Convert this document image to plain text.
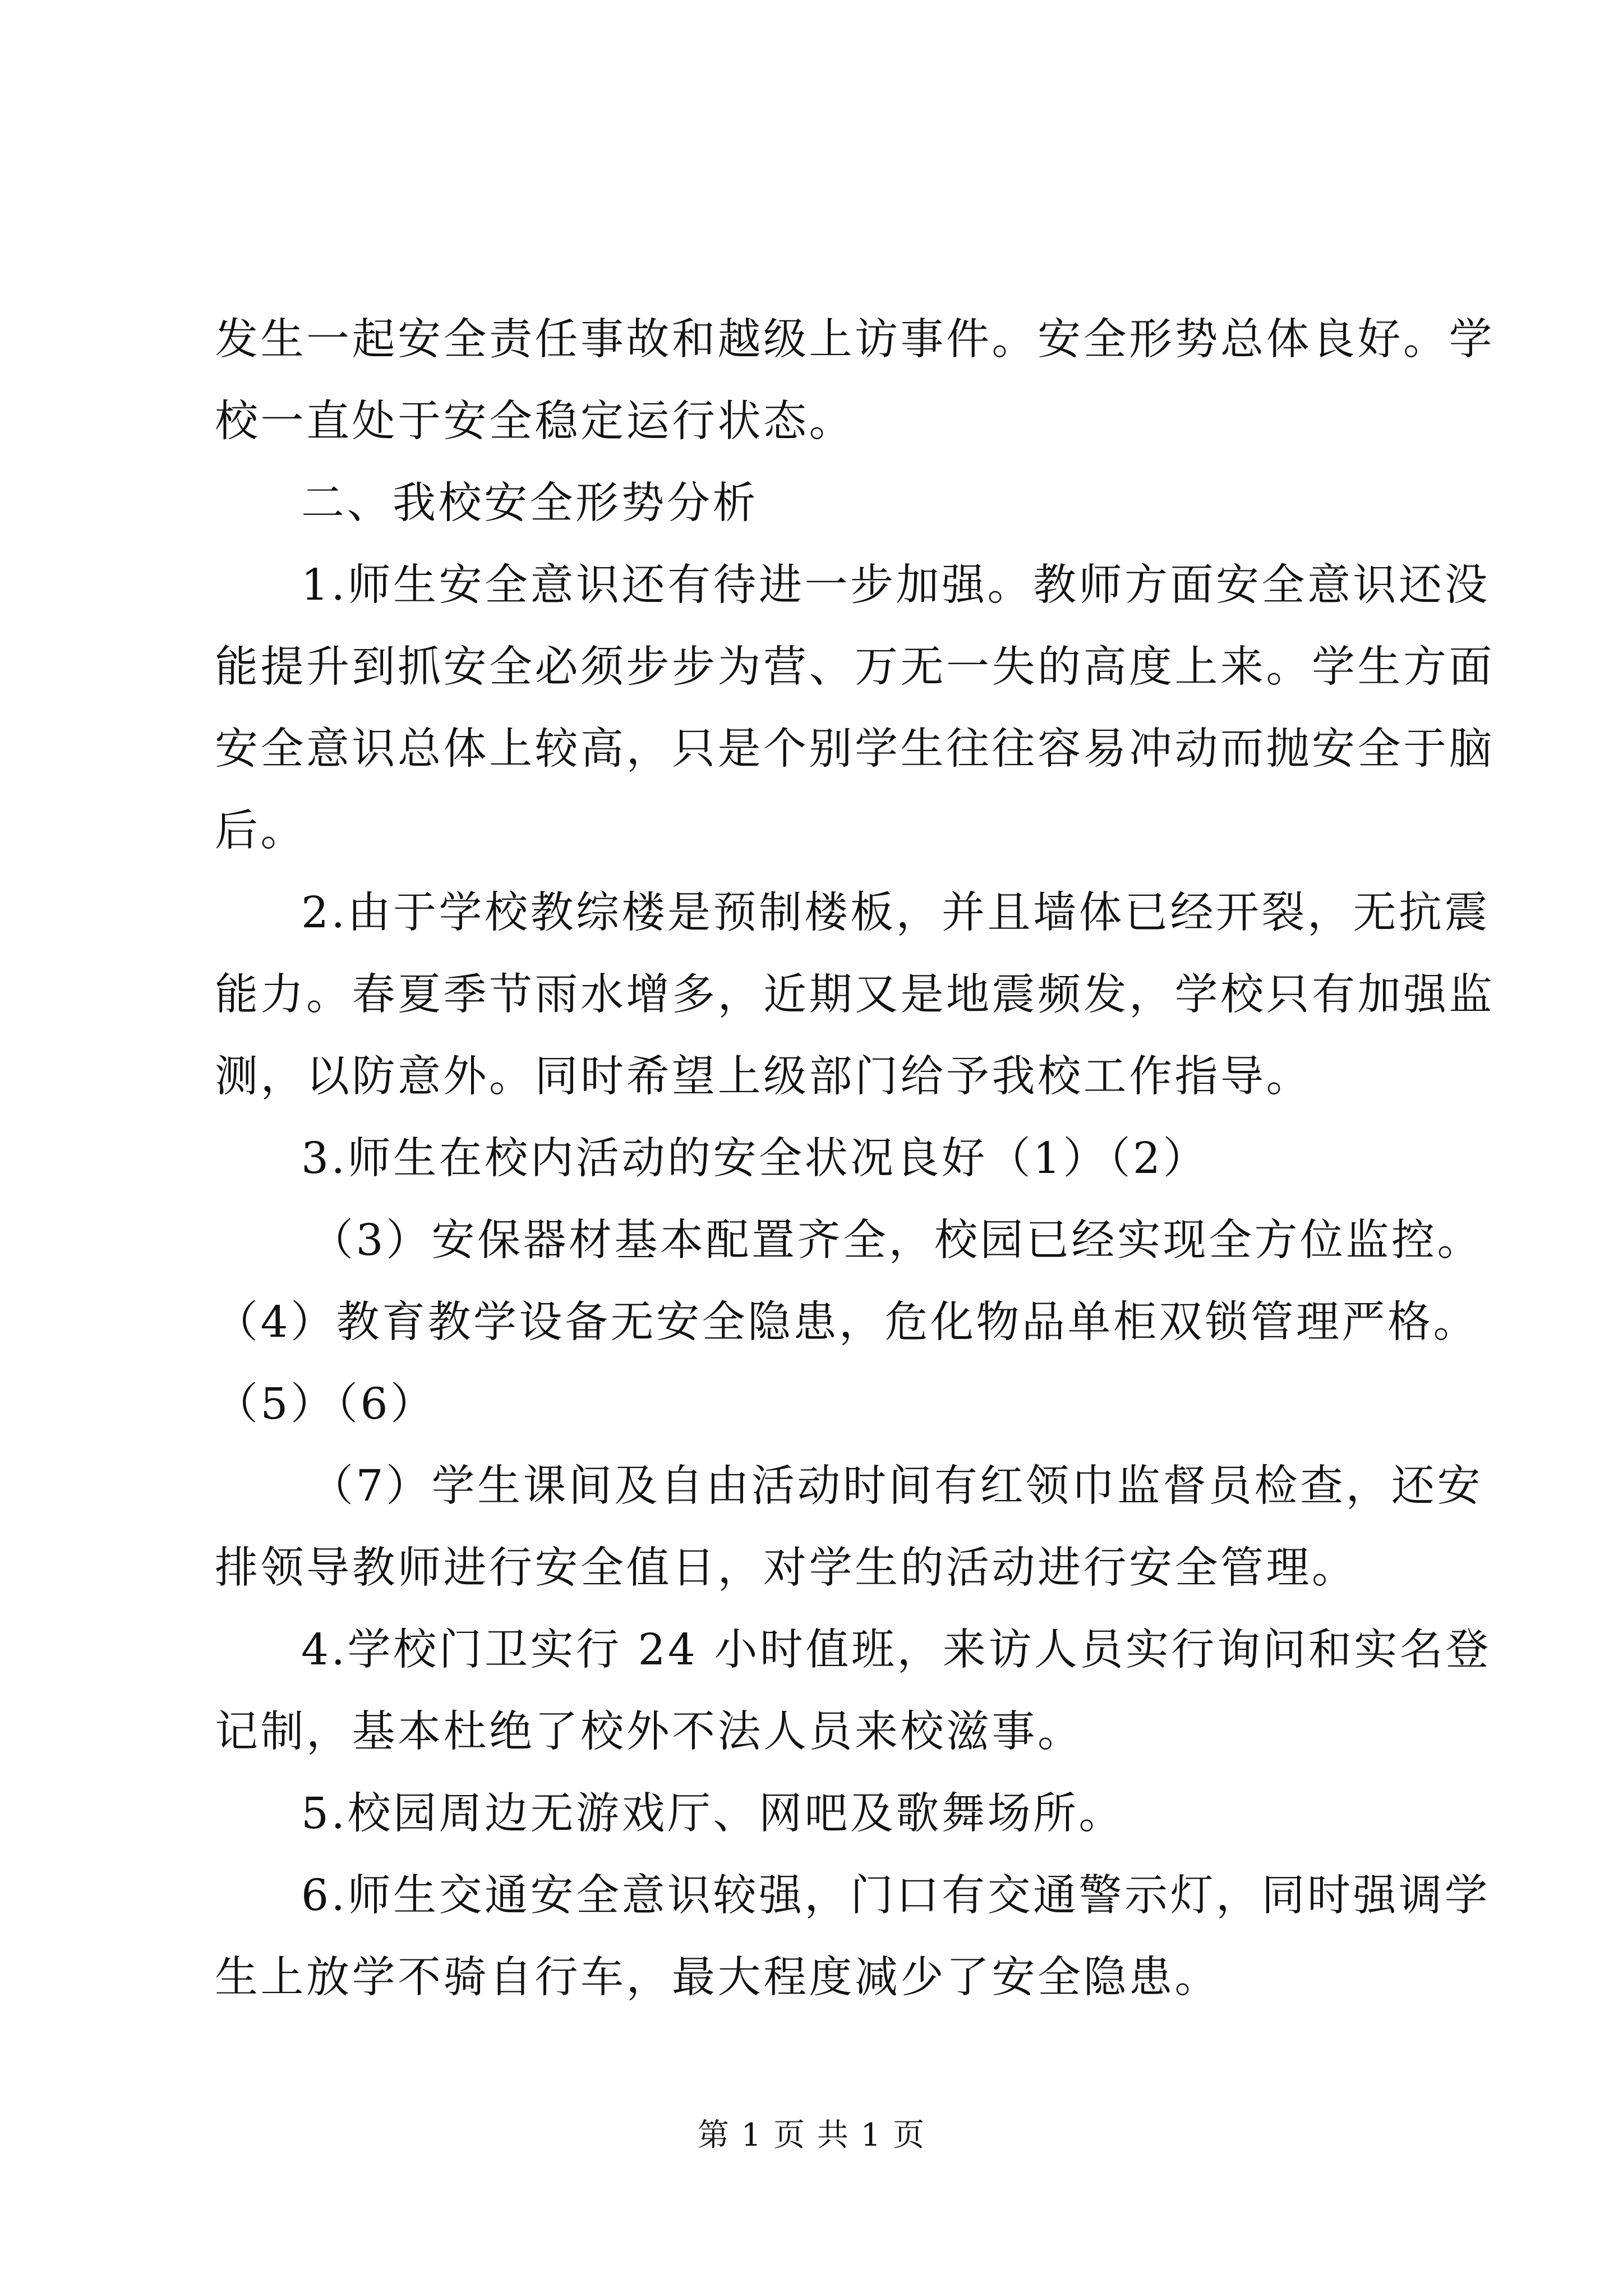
发生一起安全责任事故和越级上访事件。安全形势总体良好。学
校一直处于安全稳定运行状态。
二、我校安全形势分析
1.师生安全意识还有待进一步加强。教师方面安全意识还没
能提升到抓安全必须步步为营、万无一失的高度上来。学生方面
安全意识总体上较高，只是个别学生往往容易冲动而抛安全于脑
后。
2.由于学校教综楼是预制楼板，并且墙体已经开裂，无抗震
能力。春夏季节雨水增多，近期又是地震频发，学校只有加强监
测，以防意外。同时希望上级部门给予我校工作指导。
3.师生在校内活动的安全状况良好（1）（2）
（3）安保器材基本配置齐全，校园已经实现全方位监控。
（4）教育教学设备无安全隐患，危化物品单柜双锁管理严格。
（5）（6）
（7）学生课间及自由活动时间有红领巾监督员检查，还安
排领导教师进行安全值日，对学生的活动进行安全管理。
4.学校门卫实行 24 小时值班，来访人员实行询问和实名登
记制，基本杜绝了校外不法人员来校滋事。
5.校园周边无游戏厅、网吧及歌舞场所。
6.师生交通安全意识较强，门口有交通警示灯，同时强调学
生上放学不骑自行车，最大程度减少了安全隐患。
第 1 页 共 1 页
